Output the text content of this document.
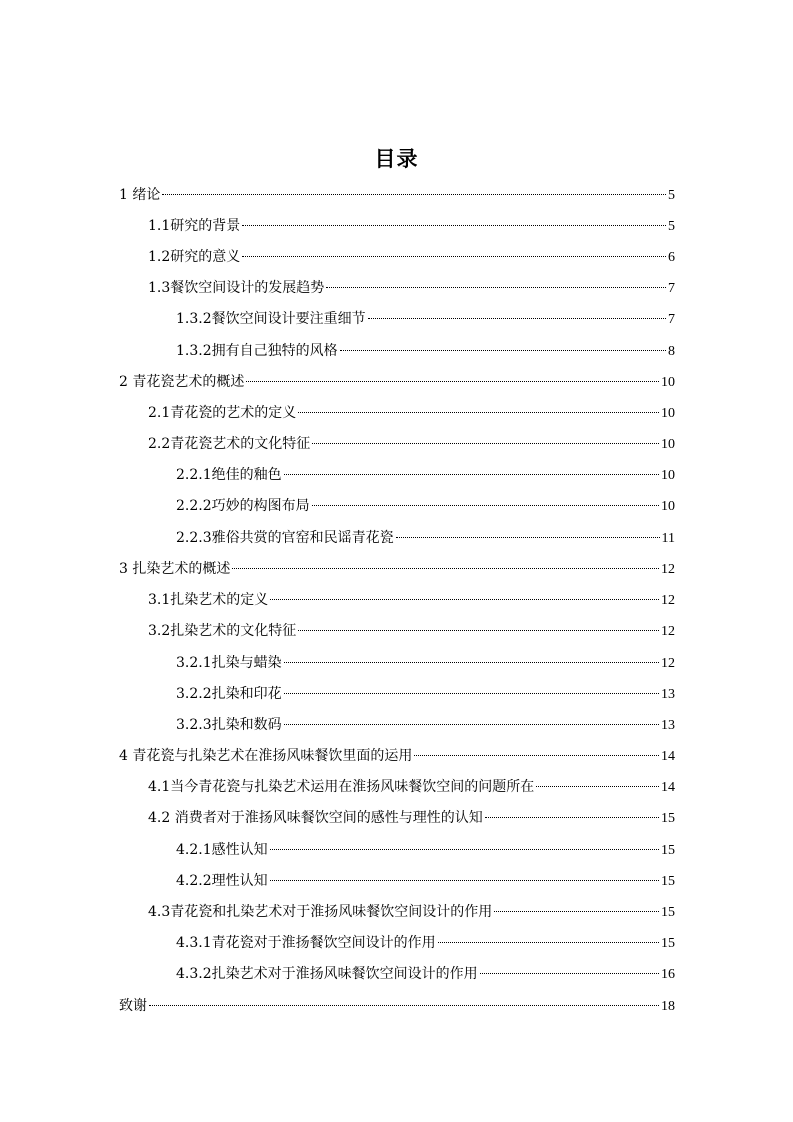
目录
1 绪论	5
1.1研究的背景	5
1.2研究的意义	6
1.3餐饮空间设计的发展趋势	7
1.3.2餐饮空间设计要注重细节	7
1.3.2拥有自己独特的风格	8
2 青花瓷艺术的概述	10
2.1青花瓷的艺术的定义	10
2.2青花瓷艺术的文化特征	10
2.2.1绝佳的釉色	10
2.2.2巧妙的构图布局	10
2.2.3雅俗共赏的官窑和民谣青花瓷	11
3 扎染艺术的概述	12
3.1扎染艺术的定义	12
3.2扎染艺术的文化特征	12
3.2.1扎染与蜡染	12
3.2.2扎染和印花	13
3.2.3扎染和数码	13
4 青花瓷与扎染艺术在淮扬风味餐饮里面的运用	14
4.1当今青花瓷与扎染艺术运用在淮扬风味餐饮空间的问题所在	14
4.2 消费者对于淮扬风味餐饮空间的感性与理性的认知	15
4.2.1感性认知	15
4.2.2理性认知	15
4.3青花瓷和扎染艺术对于淮扬风味餐饮空间设计的作用	15
4.3.1青花瓷对于淮扬餐饮空间设计的作用	15
4.3.2扎染艺术对于淮扬风味餐饮空间设计的作用	16
致谢	18
